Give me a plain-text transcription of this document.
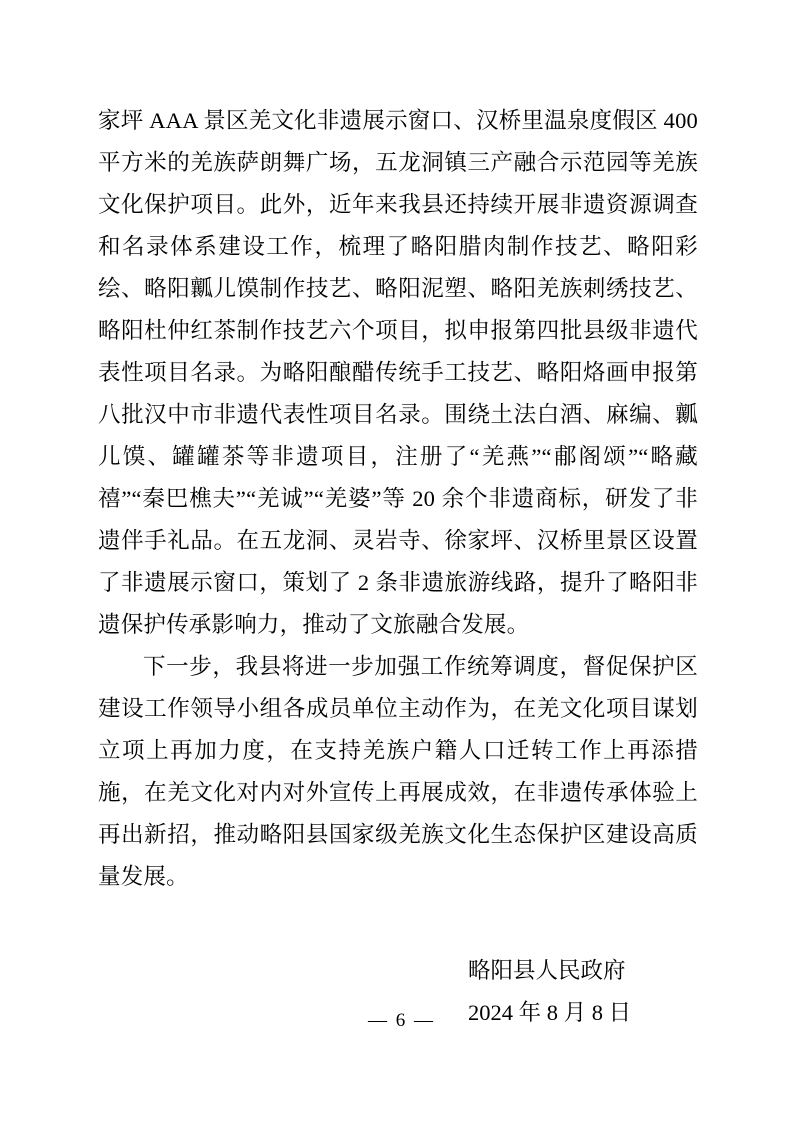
家坪 AAA 景区羌文化非遗展示窗口、汉桥里温泉度假区 400 平方米的羌族萨朗舞广场，五龙洞镇三产融合示范园等羌族文化保护项目。此外，近年来我县还持续开展非遗资源调查和名录体系建设工作，梳理了略阳腊肉制作技艺、略阳彩绘、略阳瓤儿馍制作技艺、略阳泥塑、略阳羌族刺绣技艺、略阳杜仲红茶制作技艺六个项目，拟申报第四批县级非遗代表性项目名录。为略阳酿醋传统手工技艺、略阳烙画申报第八批汉中市非遗代表性项目名录。围绕土法白酒、麻编、瓤儿馍、罐罐茶等非遗项目，注册了“羌燕”“郙阁颂”“略藏禧”“秦巴樵夫”“羌诚”“羌婆”等 20 余个非遗商标，研发了非遗伴手礼品。在五龙洞、灵岩寺、徐家坪、汉桥里景区设置了非遗展示窗口，策划了 2 条非遗旅游线路，提升了略阳非遗保护传承影响力，推动了文旅融合发展。

下一步，我县将进一步加强工作统筹调度，督促保护区建设工作领导小组各成员单位主动作为，在羌文化项目谋划立项上再加力度，在支持羌族户籍人口迁转工作上再添措施，在羌文化对内对外宣传上再展成效，在非遗传承体验上再出新招，推动略阳县国家级羌族文化生态保护区建设高质量发展。

略阳县人民政府
2024 年 8 月 8 日
— 6 —
